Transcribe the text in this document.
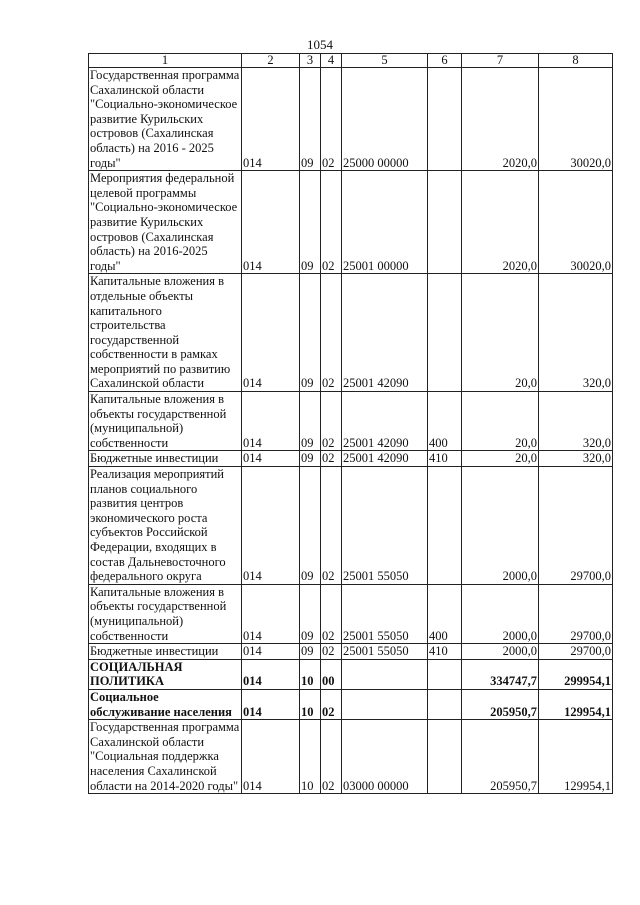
1054
1	2	3	4	5	6	7	8
Государственная программа Сахалинской области "Социально-экономическое развитие Курильских островов (Сахалинская область) на 2016 - 2025 годы"	014	09	02	25000 00000		2020,0	30020,0
Мероприятия федеральной целевой программы "Социально-экономическое развитие Курильских островов (Сахалинская область) на 2016-2025 годы"	014	09	02	25001 00000		2020,0	30020,0
Капитальные вложения в отдельные объекты капитального строительства государственной собственности в рамках мероприятий по развитию Сахалинской области	014	09	02	25001 42090		20,0	320,0
Капитальные вложения в объекты государственной (муниципальной) собственности	014	09	02	25001 42090	400	20,0	320,0
Бюджетные инвестиции	014	09	02	25001 42090	410	20,0	320,0
Реализация мероприятий планов социального развития центров экономического роста субъектов Российской Федерации, входящих в состав Дальневосточного федерального округа	014	09	02	25001 55050		2000,0	29700,0
Капитальные вложения в объекты государственной (муниципальной) собственности	014	09	02	25001 55050	400	2000,0	29700,0
Бюджетные инвестиции	014	09	02	25001 55050	410	2000,0	29700,0
СОЦИАЛЬНАЯ ПОЛИТИКА	014	10	00			334747,7	299954,1
Социальное обслуживание населения	014	10	02			205950,7	129954,1
Государственная программа Сахалинской области "Социальная поддержка населения Сахалинской области на 2014-2020 годы"	014	10	02	03000 00000		205950,7	129954,1
